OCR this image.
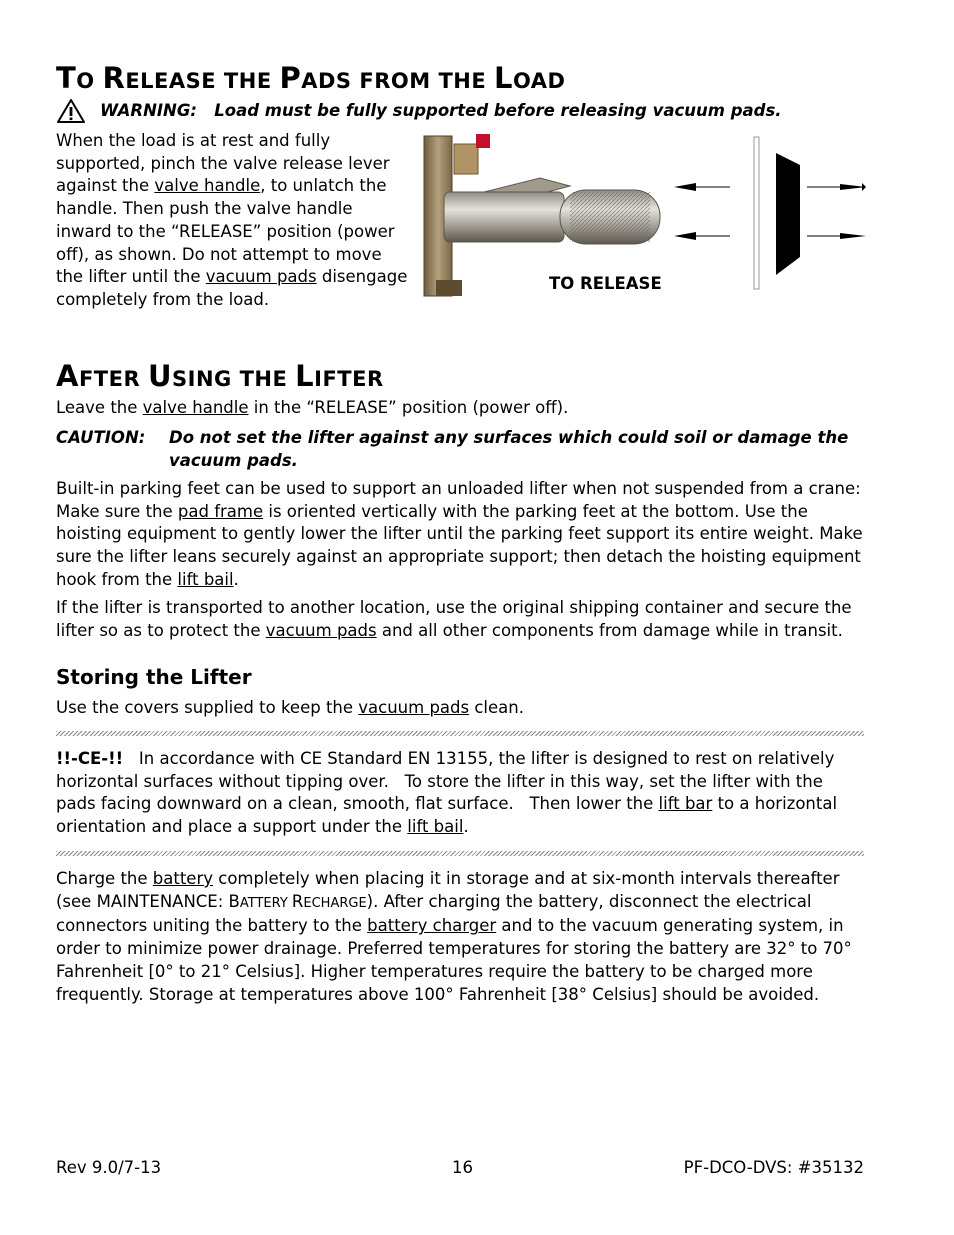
TO RELEASE THE PADS FROM THE LOAD
WARNING:   Load must be fully supported before releasing vacuum pads.
When the load is at rest and fully supported, pinch the valve release lever against the valve handle, to unlatch the handle. Then push the valve handle inward to the “RELEASE” position (power off), as shown. Do not attempt to move the lifter until the vacuum pads disengage completely from the load.
TO RELEASE
AFTER USING THE LIFTER
Leave the valve handle in the “RELEASE” position (power off).
CAUTION: Do not set the lifter against any surfaces which could soil or damage the vacuum pads.
Built-in parking feet can be used to support an unloaded lifter when not suspended from a crane: Make sure the pad frame is oriented vertically with the parking feet at the bottom. Use the hoisting equipment to gently lower the lifter until the parking feet support its entire weight. Make sure the lifter leans securely against an appropriate support; then detach the hoisting equipment hook from the lift bail.
If the lifter is transported to another location, use the original shipping container and secure the lifter so as to protect the vacuum pads and all other components from damage while in transit.
Storing the Lifter
Use the covers supplied to keep the vacuum pads clean.
!!-CE-!!   In accordance with CE Standard EN 13155, the lifter is designed to rest on relatively horizontal surfaces without tipping over.   To store the lifter in this way, set the lifter with the pads facing downward on a clean, smooth, flat surface.   Then lower the lift bar to a horizontal orientation and place a support under the lift bail.
Charge the battery completely when placing it in storage and at six-month intervals thereafter (see MAINTENANCE: BATTERY RECHARGE). After charging the battery, disconnect the electrical connectors uniting the battery to the battery charger and to the vacuum generating system, in order to minimize power drainage. Preferred temperatures for storing the battery are 32° to 70° Fahrenheit [0° to 21° Celsius]. Higher temperatures require the battery to be charged more frequently. Storage at temperatures above 100° Fahrenheit [38° Celsius] should be avoided.
Rev 9.0/7-13	16	PF-DCO-DVS: #35132
